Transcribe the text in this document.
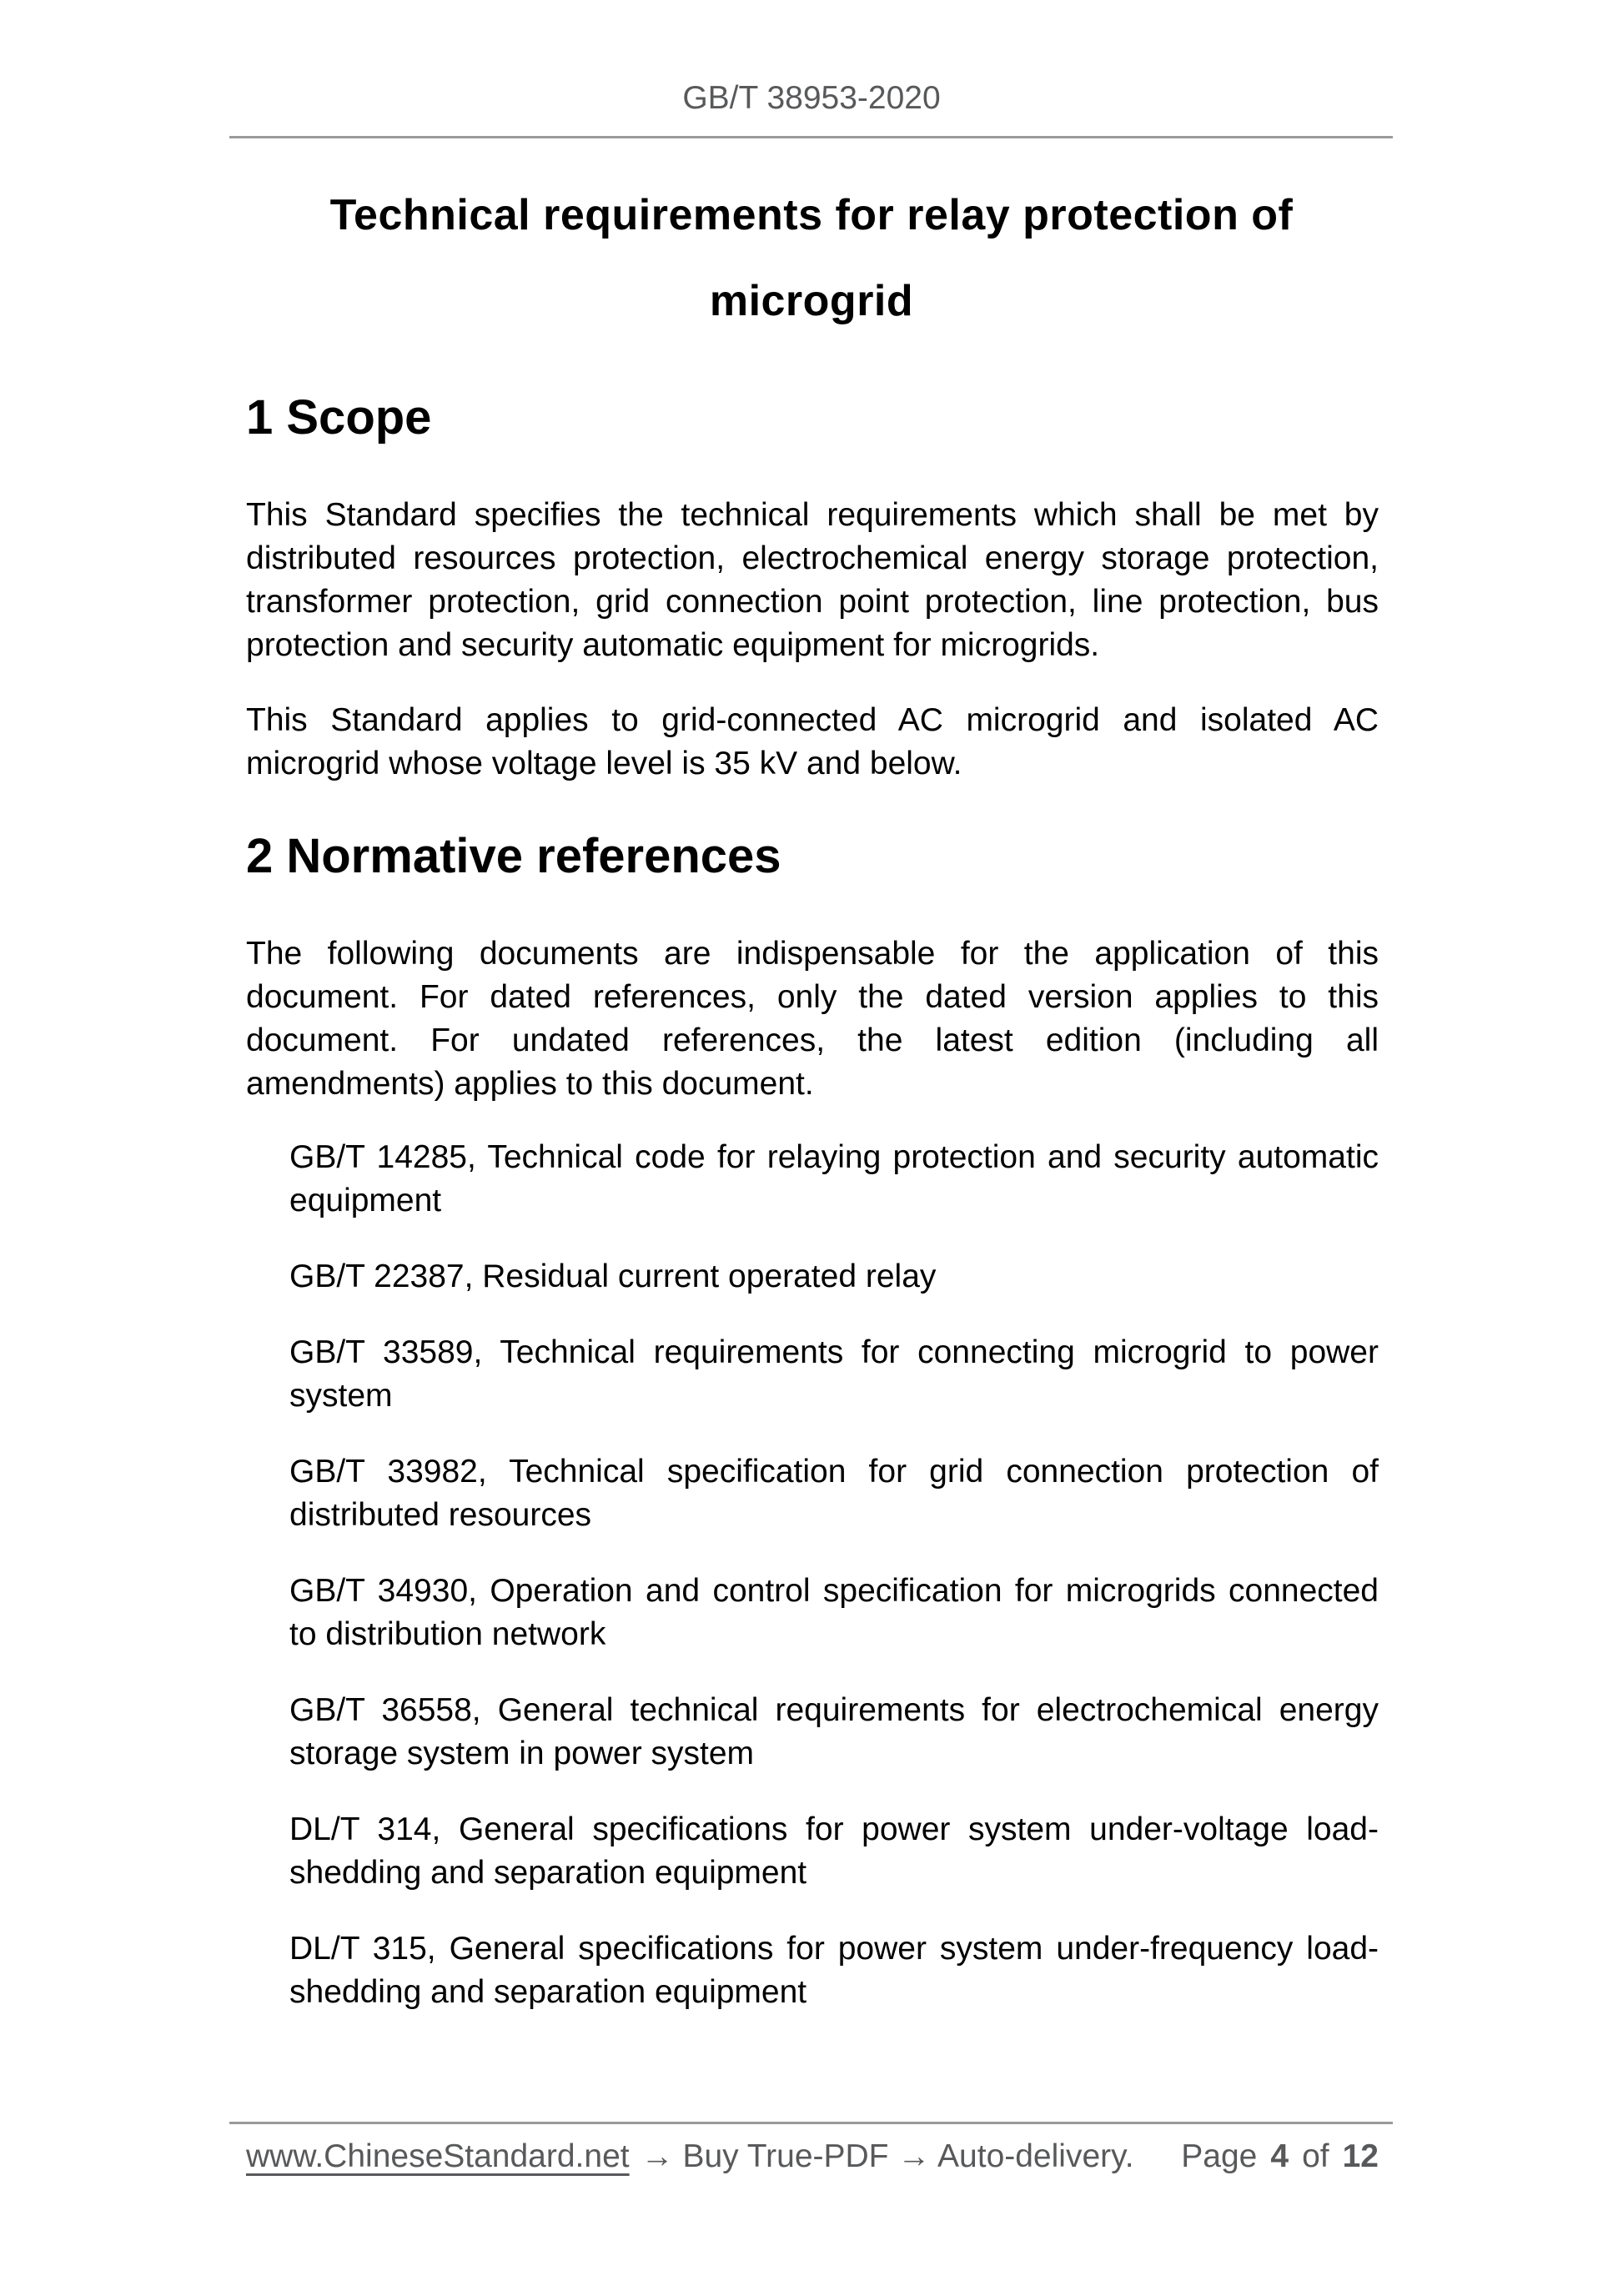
GB/T 38953-2020
Technical requirements for relay protection of
microgrid
1 Scope
This Standard specifies the technical requirements which shall be met by distributed resources protection, electrochemical energy storage protection, transformer protection, grid connection point protection, line protection, bus protection and security automatic equipment for microgrids.
This Standard applies to grid-connected AC microgrid and isolated AC microgrid whose voltage level is 35 kV and below.
2 Normative references
The following documents are indispensable for the application of this document. For dated references, only the dated version applies to this document. For undated references, the latest edition (including all amendments) applies to this document.

GB/T 14285, Technical code for relaying protection and security automatic equipment

GB/T 22387, Residual current operated relay

GB/T 33589, Technical requirements for connecting microgrid to power system

GB/T 33982, Technical specification for grid connection protection of distributed resources

GB/T 34930, Operation and control specification for microgrids connected to distribution network

GB/T 36558, General technical requirements for electrochemical energy storage system in power system

DL/T 314, General specifications for power system under-voltage load-shedding and separation equipment

DL/T 315, General specifications for power system under-frequency load-shedding and separation equipment

www.ChineseStandard.net → Buy True-PDF → Auto-delivery. Page 4 of 12
